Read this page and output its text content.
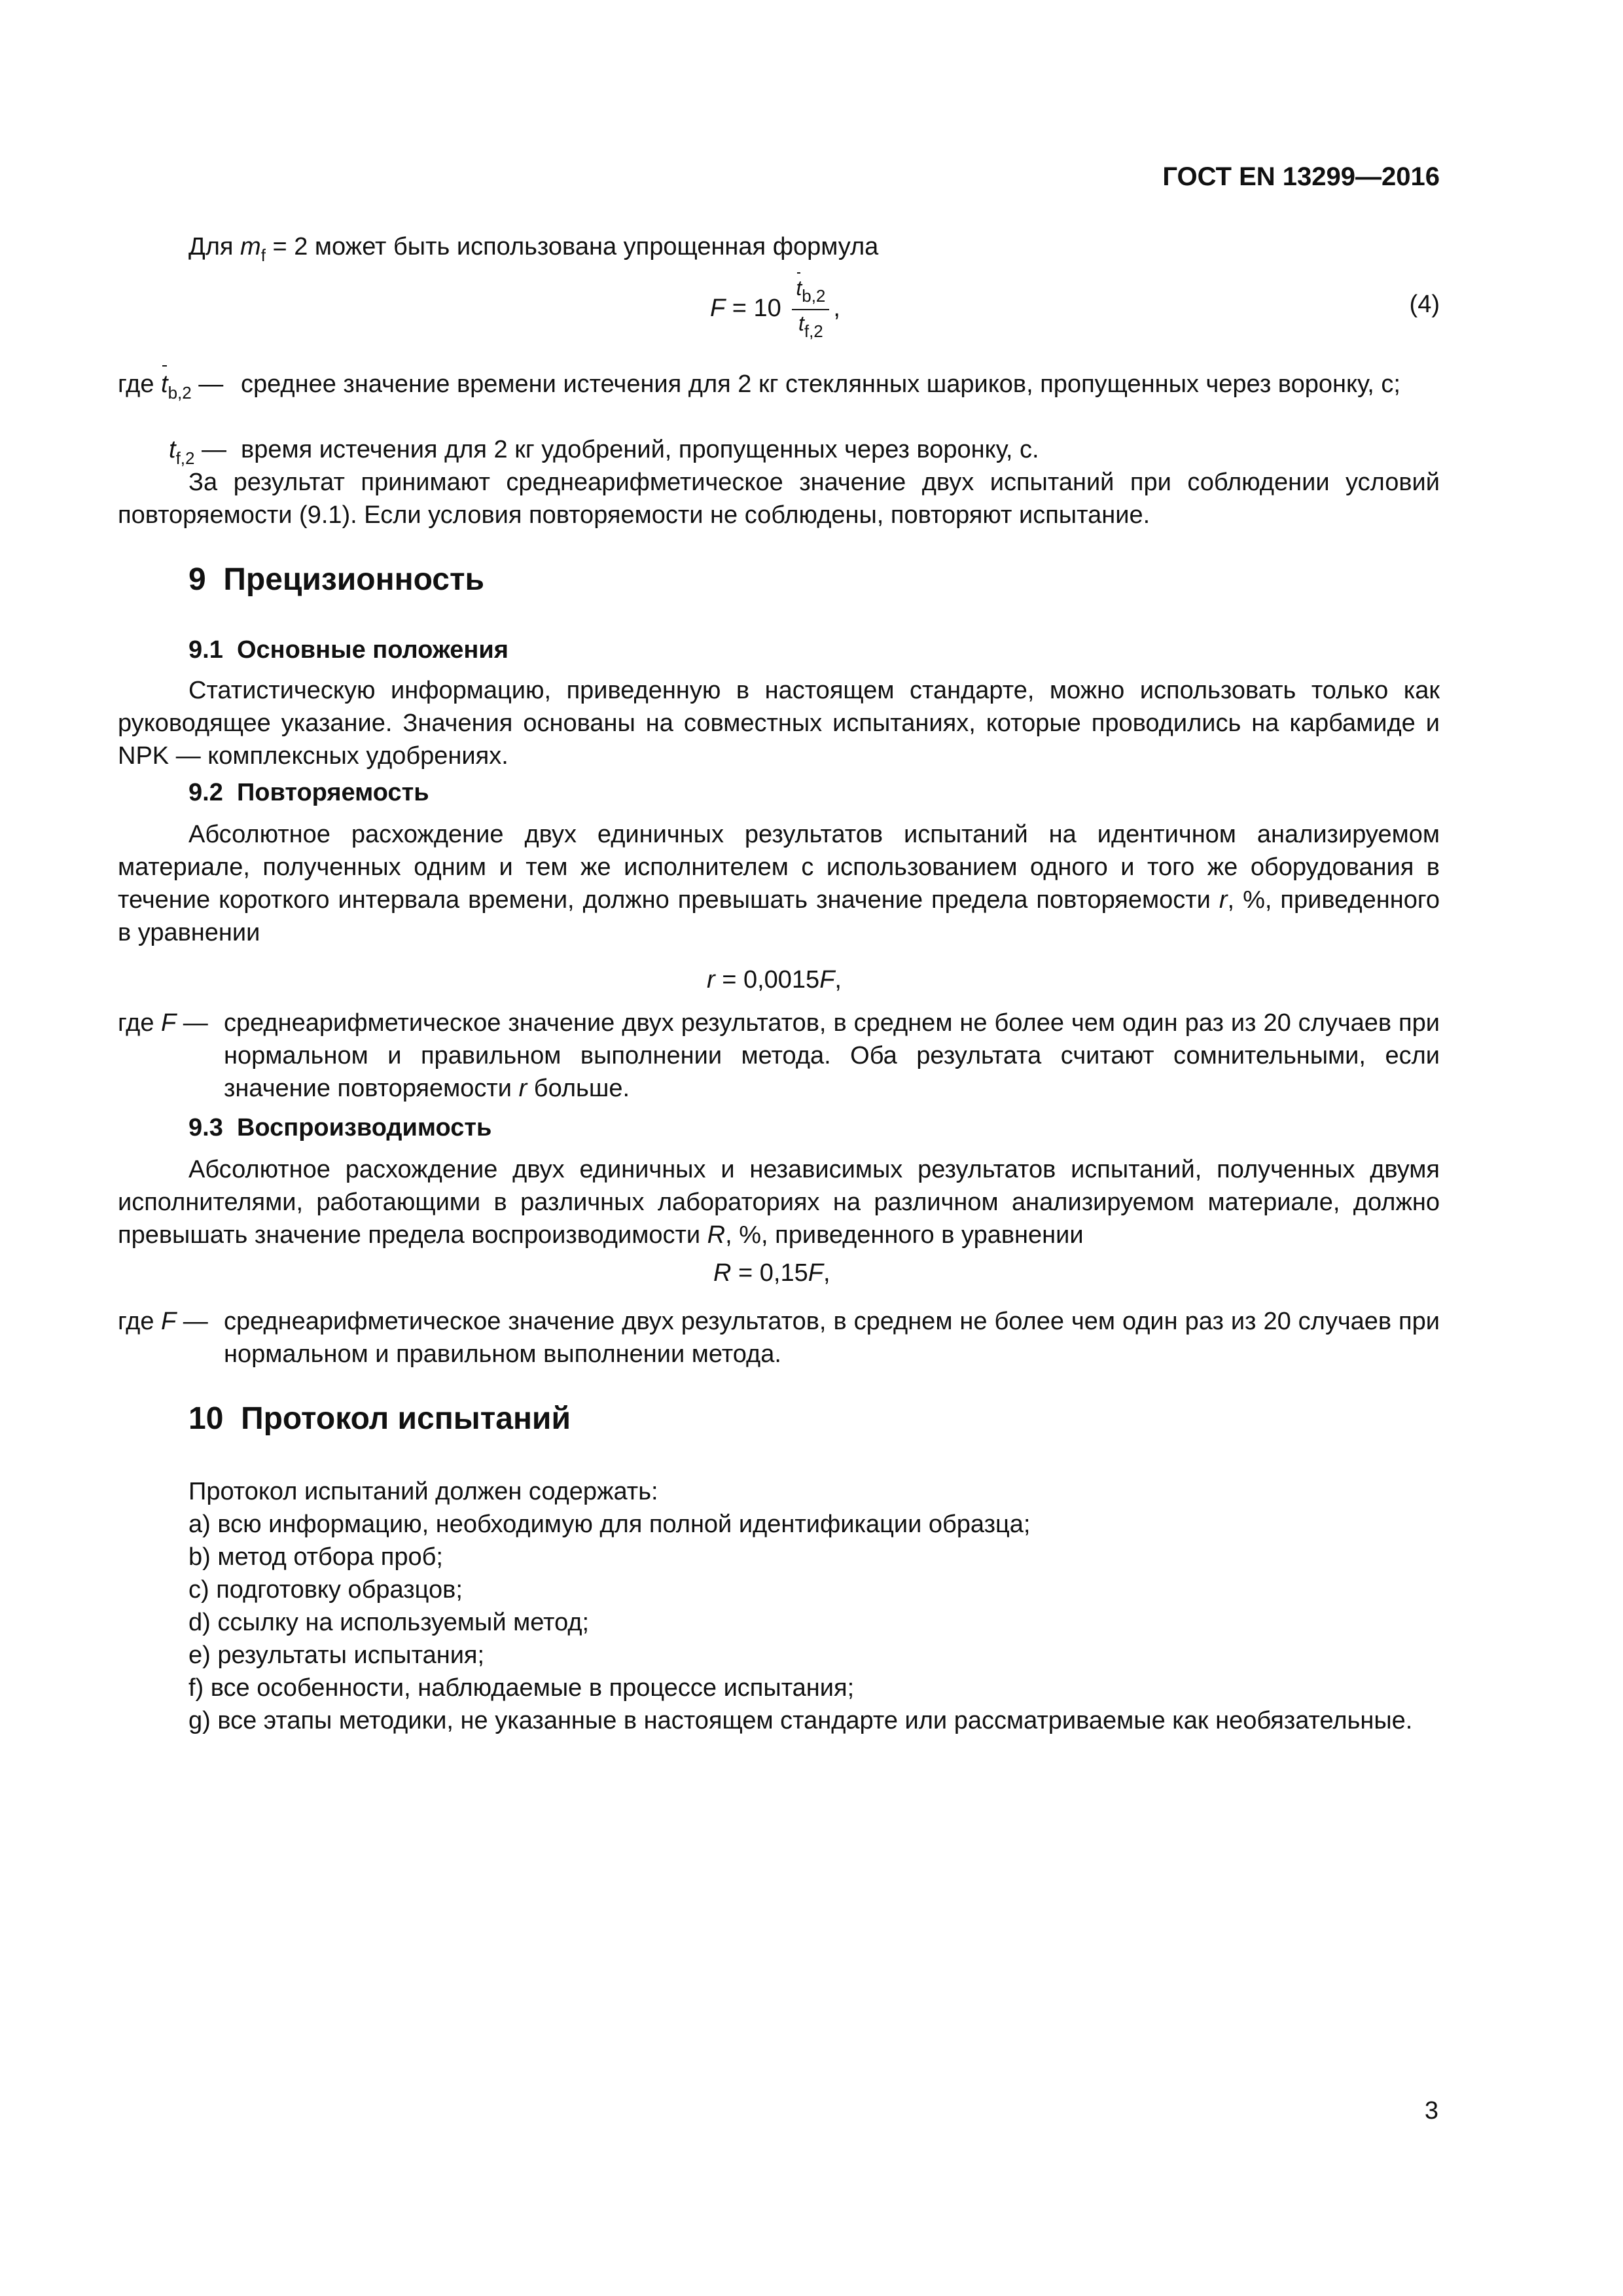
ГОСТ EN 13299—2016
Для $m_f = 2$ может быть использована упрощенная формула
$F = 10 \frac{t_{b,2}}{t_{f,2}}$ ,	(4)
где $t_{b,2}$ — среднее значение времени истечения для 2 кг стеклянных шариков, пропущенных через воронку, с;
$t_{f,2}$ — время истечения для 2 кг удобрений, пропущенных через воронку, с.
За результат принимают среднеарифметическое значение двух испытаний при соблюдении условий повторяемости (9.1). Если условия повторяемости не соблюдены, повторяют испытание.
9 Прецизионность
9.1 Основные положения
Статистическую информацию, приведенную в настоящем стандарте, можно использовать только как руководящее указание. Значения основаны на совместных испытаниях, которые проводились на карбамиде и NPK — комплексных удобрениях.
9.2 Повторяемость
Абсолютное расхождение двух единичных результатов испытаний на идентичном анализируемом материале, полученных одним и тем же исполнителем с использованием одного и того же оборудования в течение короткого интервала времени, должно превышать значение предела повторяемости r, %, приведенного в уравнении
r = 0,0015F,
где F — среднеарифметическое значение двух результатов, в среднем не более чем один раз из 20 случаев при нормальном и правильном выполнении метода. Оба результата считают сомнительными, если значение повторяемости r больше.
9.3 Воспроизводимость
Абсолютное расхождение двух единичных и независимых результатов испытаний, полученных двумя исполнителями, работающими в различных лабораториях на различном анализируемом материале, должно превышать значение предела воспроизводимости R, %, приведенного в уравнении
R = 0,15F,
где F — среднеарифметическое значение двух результатов, в среднем не более чем один раз из 20 случаев при нормальном и правильном выполнении метода.
10 Протокол испытаний
Протокол испытаний должен содержать:
a) всю информацию, необходимую для полной идентификации образца;
b) метод отбора проб;
c) подготовку образцов;
d) ссылку на используемый метод;
e) результаты испытания;
f) все особенности, наблюдаемые в процессе испытания;
g) все этапы методики, не указанные в настоящем стандарте или рассматриваемые как необязательные.
3
